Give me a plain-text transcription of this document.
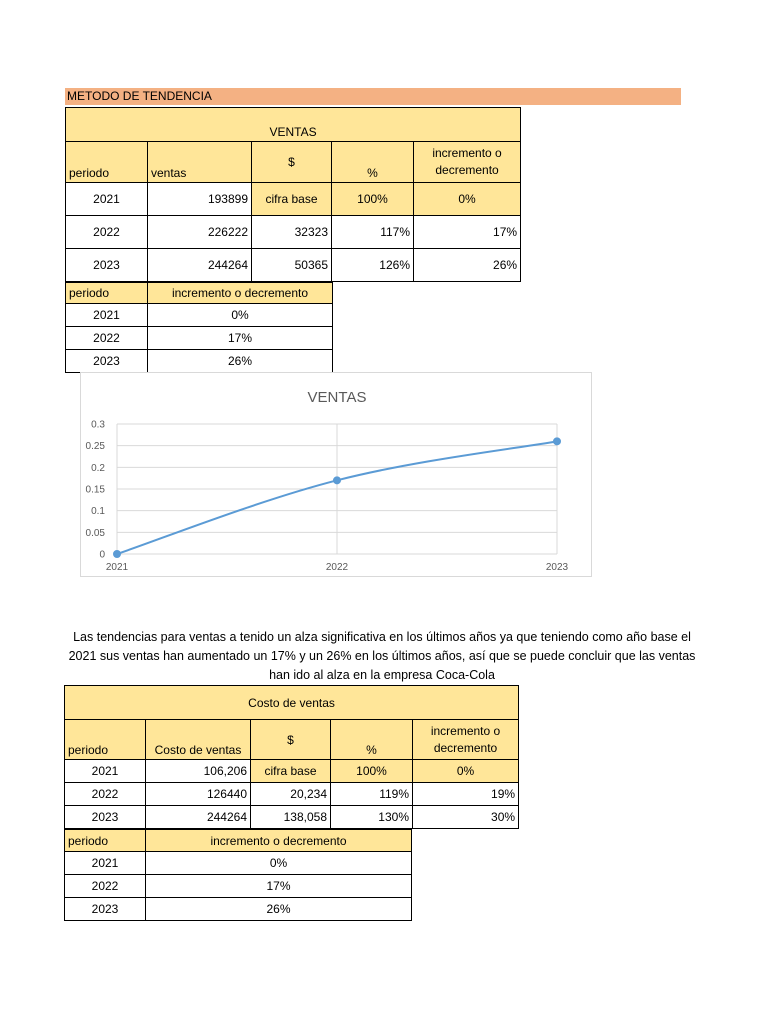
METODO DE TENDENCIA
VENTAS				
periodo	ventas	$	%	incremento o decremento
2021	193899	cifra base	100%	0%
2022	226222	32323	117%	17%
2023	244264	50365	126%	26%
periodo	incremento o decremento
2021	0%
2022	17%
2023	26%
VENTAS
0
0.05
0.1
0.15
0.2
0.25
0.3
2021	2022	2023
Las tendencias para ventas a tenido un alza significativa en los últimos años ya que teniendo como año base el 2021 sus ventas han aumentado un 17% y un 26% en los últimos años, así que se puede concluir que las ventas han ido al alza en la empresa Coca-Cola
Costo de ventas				
periodo	Costo de ventas	$	%	incremento o decremento
2021	106,206	cifra base	100%	0%
2022	126440	20,234	119%	19%
2023	244264	138,058	130%	30%
periodo	incremento o decremento
2021	0%
2022	17%
2023	26%
